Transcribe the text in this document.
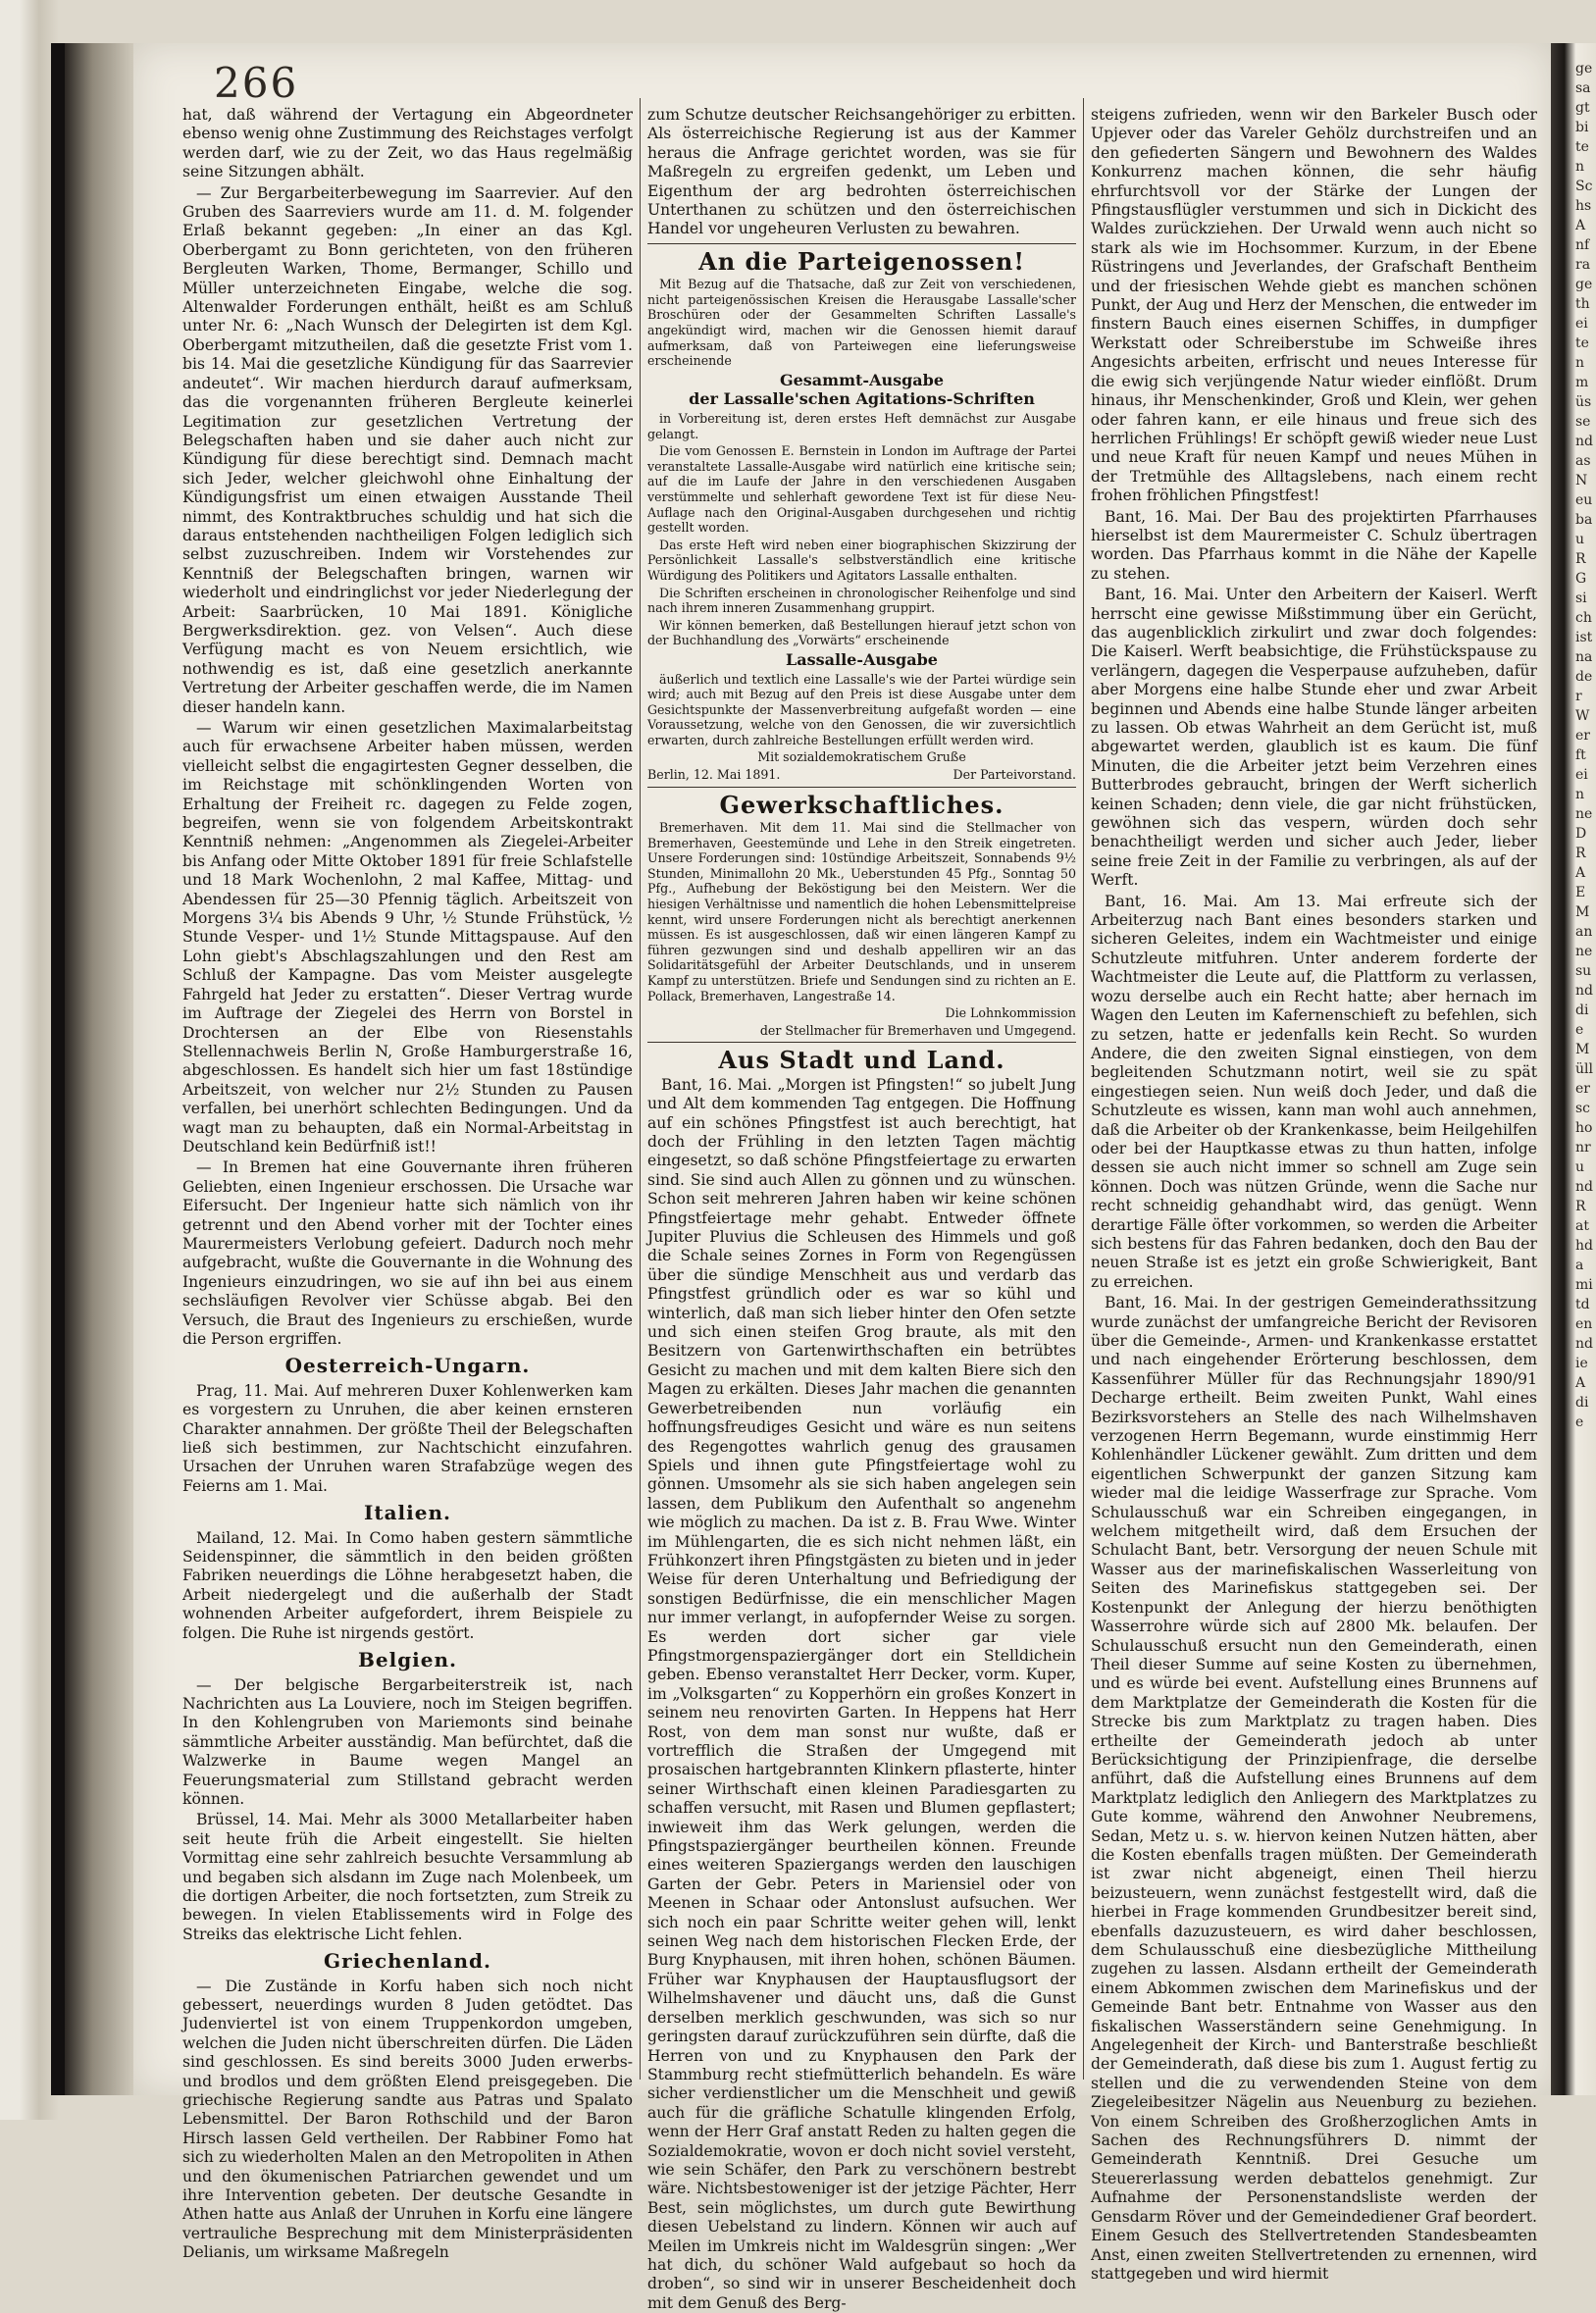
gesagtbitenSchsAnfragetheitenmüssendasNeubauRGsichistnaderWerfteinneDRAEMannesunddieMüllerschonrundRathdamitdenndieAdie
266

hat, daß während der Vertagung ein Abgeordneter ebenso wenig ohne Zustimmung des Reichstages verfolgt werden darf, wie zu der Zeit, wo das Haus regelmäßig seine Sitzungen abhält.

— Zur Bergarbeiterbewegung im Saarrevier. Auf den Gruben des Saarreviers wurde am 11. d. M. folgender Erlaß bekannt gegeben: „In einer an das Kgl. Oberbergamt zu Bonn gerichteten, von den früheren Bergleuten Warken, Thome, Bermanger, Schillo und Müller unterzeichneten Eingabe, welche die sog. Altenwalder Forderungen enthält, heißt es am Schluß unter Nr. 6: „Nach Wunsch der Delegirten ist dem Kgl. Oberbergamt mitzutheilen, daß die gesetzte Frist vom 1. bis 14. Mai die gesetzliche Kündigung für das Saarrevier andeutet“. Wir machen hierdurch darauf aufmerksam, das die vorgenannten früheren Bergleute keinerlei Legitimation zur gesetzlichen Vertretung der Belegschaften haben und sie daher auch nicht zur Kündigung für diese berechtigt sind. Demnach macht sich Jeder, welcher gleichwohl ohne Einhaltung der Kündigungsfrist um einen etwaigen Ausstande Theil nimmt, des Kontraktbruches schuldig und hat sich die daraus entstehenden nachtheiligen Folgen lediglich sich selbst zuzuschreiben. Indem wir Vorstehendes zur Kenntniß der Belegschaften bringen, warnen wir wiederholt und eindringlichst vor jeder Niederlegung der Arbeit: Saarbrücken, 10 Mai 1891. Königliche Bergwerksdirektion. gez. von Velsen“. Auch diese Verfügung macht es von Neuem ersichtlich, wie nothwendig es ist, daß eine gesetzlich anerkannte Vertretung der Arbeiter geschaffen werde, die im Namen dieser handeln kann.

— Warum wir einen gesetzlichen Maximalarbeitstag auch für erwachsene Arbeiter haben müssen, werden vielleicht selbst die engagirtesten Gegner desselben, die im Reichstage mit schönklingenden Worten von Erhaltung der Freiheit rc. dagegen zu Felde zogen, begreifen, wenn sie von folgendem Arbeitskontrakt Kenntniß nehmen: „Angenommen als Ziegelei-Arbeiter bis Anfang oder Mitte Oktober 1891 für freie Schlafstelle und 18 Mark Wochenlohn, 2 mal Kaffee, Mittag- und Abendessen für 25—30 Pfennig täglich. Arbeitszeit von Morgens 3¼ bis Abends 9 Uhr, ½ Stunde Frühstück, ½ Stunde Vesper- und 1½ Stunde Mittagspause. Auf den Lohn giebt's Abschlagszahlungen und den Rest am Schluß der Kampagne. Das vom Meister ausgelegte Fahrgeld hat Jeder zu erstatten“. Dieser Vertrag wurde im Auftrage der Ziegelei des Herrn von Borstel in Drochtersen an der Elbe von Riesenstahls Stellennachweis Berlin N, Große Hamburgerstraße 16, abgeschlossen. Es handelt sich hier um fast 18stündige Arbeitszeit, von welcher nur 2½ Stunden zu Pausen verfallen, bei unerhört schlechten Bedingungen. Und da wagt man zu behaupten, daß ein Normal-Arbeitstag in Deutschland kein Bedürfniß ist!!

— In Bremen hat eine Gouvernante ihren früheren Geliebten, einen Ingenieur erschossen. Die Ursache war Eifersucht. Der Ingenieur hatte sich nämlich von ihr getrennt und den Abend vorher mit der Tochter eines Maurermeisters Verlobung gefeiert. Dadurch noch mehr aufgebracht, wußte die Gouvernante in die Wohnung des Ingenieurs einzudringen, wo sie auf ihn bei aus einem sechsläufigen Revolver vier Schüsse abgab. Bei den Versuch, die Braut des Ingenieurs zu erschießen, wurde die Person ergriffen.

Oesterreich-Ungarn.

Prag, 11. Mai. Auf mehreren Duxer Kohlenwerken kam es vorgestern zu Unruhen, die aber keinen ernsteren Charakter annahmen. Der größte Theil der Belegschaften ließ sich bestimmen, zur Nachtschicht einzufahren. Ursachen der Unruhen waren Strafabzüge wegen des Feierns am 1. Mai.

Italien.

Mailand, 12. Mai. In Como haben gestern sämmtliche Seidenspinner, die sämmtlich in den beiden größten Fabriken neuerdings die Löhne herabgesetzt haben, die Arbeit niedergelegt und die außerhalb der Stadt wohnenden Arbeiter aufgefordert, ihrem Beispiele zu folgen. Die Ruhe ist nirgends gestört.

Belgien.

— Der belgische Bergarbeiterstreik ist, nach Nachrichten aus La Louviere, noch im Steigen begriffen. In den Kohlengruben von Mariemonts sind beinahe sämmtliche Arbeiter ausständig. Man befürchtet, daß die Walzwerke in Baume wegen Mangel an Feuerungsmaterial zum Stillstand gebracht werden können.

Brüssel, 14. Mai. Mehr als 3000 Metallarbeiter haben seit heute früh die Arbeit eingestellt. Sie hielten Vormittag eine sehr zahlreich besuchte Versammlung ab und begaben sich alsdann im Zuge nach Molenbeek, um die dortigen Arbeiter, die noch fortsetzten, zum Streik zu bewegen. In vielen Etablissements wird in Folge des Streiks das elektrische Licht fehlen.

Griechenland.

— Die Zustände in Korfu haben sich noch nicht gebessert, neuerdings wurden 8 Juden getödtet. Das Judenviertel ist von einem Truppenkordon umgeben, welchen die Juden nicht überschreiten dürfen. Die Läden sind geschlossen. Es sind bereits 3000 Juden erwerbs- und brodlos und dem größten Elend preisgegeben. Die griechische Regierung sandte aus Patras und Spalato Lebensmittel. Der Baron Rothschild und der Baron Hirsch lassen Geld vertheilen. Der Rabbiner Fomo hat sich zu wiederholten Malen an den Metropoliten in Athen und den ökumenischen Patriarchen gewendet und um ihre Intervention gebeten. Der deutsche Gesandte in Athen hatte aus Anlaß der Unruhen in Korfu eine längere vertrauliche Besprechung mit dem Ministerpräsidenten Delianis, um wirksame Maßregeln

zum Schutze deutscher Reichsangehöriger zu erbitten. Als österreichische Regierung ist aus der Kammer heraus die Anfrage gerichtet worden, was sie für Maßregeln zu ergreifen gedenkt, um Leben und Eigenthum der arg bedrohten österreichischen Unterthanen zu schützen und den österreichischen Handel vor ungeheuren Verlusten zu bewahren.

An die Parteigenossen!

Mit Bezug auf die Thatsache, daß zur Zeit von verschiedenen, nicht parteigenössischen Kreisen die Herausgabe Lassalle'scher Broschüren oder der Gesammelten Schriften Lassalle's angekündigt wird, machen wir die Genossen hiemit darauf aufmerksam, daß von Parteiwegen eine lieferungsweise erscheinende

Gesammt-Ausgabe
der Lassalle'schen Agitations-Schriften

in Vorbereitung ist, deren erstes Heft demnächst zur Ausgabe gelangt.

Die vom Genossen E. Bernstein in London im Auftrage der Partei veranstaltete Lassalle-Ausgabe wird natürlich eine kritische sein; auf die im Laufe der Jahre in den verschiedenen Ausgaben verstümmelte und sehlerhaft gewordene Text ist für diese Neu-Auflage nach den Original-Ausgaben durchgesehen und richtig gestellt worden.

Das erste Heft wird neben einer biographischen Skizzirung der Persönlichkeit Lassalle's selbstverständlich eine kritische Würdigung des Politikers und Agitators Lassalle enthalten.

Die Schriften erscheinen in chronologischer Reihenfolge und sind nach ihrem inneren Zusammenhang gruppirt.

Wir können bemerken, daß Bestellungen hierauf jetzt schon von der Buchhandlung des „Vorwärts“ erscheinende

Lassalle-Ausgabe

äußerlich und textlich eine Lassalle's wie der Partei würdige sein wird; auch mit Bezug auf den Preis ist diese Ausgabe unter dem Gesichtspunkte der Massenverbreitung aufgefaßt worden — eine Voraussetzung, welche von den Genossen, die wir zuversichtlich erwarten, durch zahlreiche Bestellungen erfüllt werden wird.

Mit sozialdemokratischem Gruße

Berlin, 12. Mai 1891.	Der Parteivorstand.
Gewerkschaftliches.

Bremerhaven. Mit dem 11. Mai sind die Stellmacher von Bremerhaven, Geestemünde und Lehe in den Streik eingetreten. Unsere Forderungen sind: 10stündige Arbeitszeit, Sonnabends 9½ Stunden, Minimallohn 20 Mk., Ueberstunden 45 Pfg., Sonntag 50 Pfg., Aufhebung der Beköstigung bei den Meistern. Wer die hiesigen Verhältnisse und namentlich die hohen Lebensmittelpreise kennt, wird unsere Forderungen nicht als berechtigt anerkennen müssen. Es ist ausgeschlossen, daß wir einen längeren Kampf zu führen gezwungen sind und deshalb appelliren wir an das Solidaritätsgefühl der Arbeiter Deutschlands, und in unserem Kampf zu unterstützen. Briefe und Sendungen sind zu richten an E. Pollack, Bremerhaven, Langestraße 14.

Die Lohnkommission

der Stellmacher für Bremerhaven und Umgegend.

Aus Stadt und Land.

Bant, 16. Mai. „Morgen ist Pfingsten!“ so jubelt Jung und Alt dem kommenden Tag entgegen. Die Hoffnung auf ein schönes Pfingstfest ist auch berechtigt, hat doch der Frühling in den letzten Tagen mächtig eingesetzt, so daß schöne Pfingstfeiertage zu erwarten sind. Sie sind auch Allen zu gönnen und zu wünschen. Schon seit mehreren Jahren haben wir keine schönen Pfingstfeiertage mehr gehabt. Entweder öffnete Jupiter Pluvius die Schleusen des Himmels und goß die Schale seines Zornes in Form von Regengüssen über die sündige Menschheit aus und verdarb das Pfingstfest gründlich oder es war so kühl und winterlich, daß man sich lieber hinter den Ofen setzte und sich einen steifen Grog braute, als mit den Besitzern von Gartenwirthschaften ein betrübtes Gesicht zu machen und mit dem kalten Biere sich den Magen zu erkälten. Dieses Jahr machen die genannten Gewerbetreibenden nun vorläufig ein hoffnungsfreudiges Gesicht und wäre es nun seitens des Regengottes wahrlich genug des grausamen Spiels und ihnen gute Pfingstfeiertage wohl zu gönnen. Umsomehr als sie sich haben angelegen sein lassen, dem Publikum den Aufenthalt so angenehm wie möglich zu machen. Da ist z. B. Frau Wwe. Winter im Mühlengarten, die es sich nicht nehmen läßt, ein Frühkonzert ihren Pfingstgästen zu bieten und in jeder Weise für deren Unterhaltung und Befriedigung der sonstigen Bedürfnisse, die ein menschlicher Magen nur immer verlangt, in aufopfernder Weise zu sorgen. Es werden dort sicher gar viele Pfingstmorgenspaziergänger dort ein Stelldichein geben. Ebenso veranstaltet Herr Decker, vorm. Kuper, im „Volksgarten“ zu Kopperhörn ein großes Konzert in seinem neu renovirten Garten. In Heppens hat Herr Rost, von dem man sonst nur wußte, daß er vortrefflich die Straßen der Umgegend mit prosaischen hartgebrannten Klinkern pflasterte, hinter seiner Wirthschaft einen kleinen Paradiesgarten zu schaffen versucht, mit Rasen und Blumen gepflastert; inwieweit ihm das Werk gelungen, werden die Pfingstspaziergänger beurtheilen können. Freunde eines weiteren Spaziergangs werden den lauschigen Garten der Gebr. Peters in Mariensiel oder von Meenen in Schaar oder Antonslust aufsuchen. Wer sich noch ein paar Schritte weiter gehen will, lenkt seinen Weg nach dem historischen Flecken Erde, der Burg Knyphausen, mit ihren hohen, schönen Bäumen. Früher war Knyphausen der Hauptausflugsort der Wilhelmshavener und däucht uns, daß die Gunst derselben merklich geschwunden, was sich so nur geringsten darauf zurückzuführen sein dürfte, daß die Herren von und zu Knyphausen den Park der Stammburg recht stiefmütterlich behandeln. Es wäre sicher verdienstlicher um die Menschheit und gewiß auch für die gräfliche Schatulle klingenden Erfolg, wenn der Herr Graf anstatt Reden zu halten gegen die Sozialdemokratie, wovon er doch nicht soviel versteht, wie sein Schäfer, den Park zu verschönern bestrebt wäre. Nichtsbestoweniger ist der jetzige Pächter, Herr Best, sein möglichstes, um durch gute Bewirthung diesen Uebelstand zu lindern. Können wir auch auf Meilen im Umkreis nicht im Waldesgrün singen: „Wer hat dich, du schöner Wald aufgebaut so hoch da droben“, so sind wir in unserer Bescheidenheit doch mit dem Genuß des Berg-

steigens zufrieden, wenn wir den Barkeler Busch oder Upjever oder das Vareler Gehölz durchstreifen und an den gefiederten Sängern und Bewohnern des Waldes Konkurrenz machen können, die sehr häufig ehrfurchtsvoll vor der Stärke der Lungen der Pfingstausflügler verstummen und sich in Dickicht des Waldes zurückziehen. Der Urwald wenn auch nicht so stark als wie im Hochsommer. Kurzum, in der Ebene Rüstringens und Jeverlandes, der Grafschaft Bentheim und der friesischen Wehde giebt es manchen schönen Punkt, der Aug und Herz der Menschen, die entweder im finstern Bauch eines eisernen Schiffes, in dumpfiger Werkstatt oder Schreiberstube im Schweiße ihres Angesichts arbeiten, erfrischt und neues Interesse für die ewig sich verjüngende Natur wieder einflößt. Drum hinaus, ihr Menschenkinder, Groß und Klein, wer gehen oder fahren kann, er eile hinaus und freue sich des herrlichen Frühlings! Er schöpft gewiß wieder neue Lust und neue Kraft für neuen Kampf und neues Mühen in der Tretmühle des Alltagslebens, nach einem recht frohen fröhlichen Pfingstfest!

Bant, 16. Mai. Der Bau des projektirten Pfarrhauses hierselbst ist dem Maurermeister C. Schulz übertragen worden. Das Pfarrhaus kommt in die Nähe der Kapelle zu stehen.

Bant, 16. Mai. Unter den Arbeitern der Kaiserl. Werft herrscht eine gewisse Mißstimmung über ein Gerücht, das augenblicklich zirkulirt und zwar doch folgendes: Die Kaiserl. Werft beabsichtige, die Frühstückspause zu verlängern, dagegen die Vesperpause aufzuheben, dafür aber Morgens eine halbe Stunde eher und zwar Arbeit beginnen und Abends eine halbe Stunde länger arbeiten zu lassen. Ob etwas Wahrheit an dem Gerücht ist, muß abgewartet werden, glaublich ist es kaum. Die fünf Minuten, die die Arbeiter jetzt beim Verzehren eines Butterbrodes gebraucht, bringen der Werft sicherlich keinen Schaden; denn viele, die gar nicht frühstücken, gewöhnen sich das vespern, würden doch sehr benachtheiligt werden und sicher auch Jeder, lieber seine freie Zeit in der Familie zu verbringen, als auf der Werft.

Bant, 16. Mai. Am 13. Mai erfreute sich der Arbeiterzug nach Bant eines besonders starken und sicheren Geleites, indem ein Wachtmeister und einige Schutzleute mitfuhren. Unter anderem forderte der Wachtmeister die Leute auf, die Plattform zu verlassen, wozu derselbe auch ein Recht hatte; aber hernach im Wagen den Leuten im Kafernenschieft zu befehlen, sich zu setzen, hatte er jedenfalls kein Recht. So wurden Andere, die den zweiten Signal einstiegen, von dem begleitenden Schutzmann notirt, weil sie zu spät eingestiegen seien. Nun weiß doch Jeder, und daß die Schutzleute es wissen, kann man wohl auch annehmen, daß die Arbeiter ob der Krankenkasse, beim Heilgehilfen oder bei der Hauptkasse etwas zu thun hatten, infolge dessen sie auch nicht immer so schnell am Zuge sein können. Doch was nützen Gründe, wenn die Sache nur recht schneidig gehandhabt wird, das genügt. Wenn derartige Fälle öfter vorkommen, so werden die Arbeiter sich bestens für das Fahren bedanken, doch den Bau der neuen Straße ist es jetzt ein große Schwierigkeit, Bant zu erreichen.

Bant, 16. Mai. In der gestrigen Gemeinderathssitzung wurde zunächst der umfangreiche Bericht der Revisoren über die Gemeinde-, Armen- und Krankenkasse erstattet und nach eingehender Erörterung beschlossen, dem Kassenführer Müller für das Rechnungsjahr 1890/91 Decharge ertheilt. Beim zweiten Punkt, Wahl eines Bezirksvorstehers an Stelle des nach Wilhelmshaven verzogenen Herrn Begemann, wurde einstimmig Herr Kohlenhändler Lückener gewählt. Zum dritten und dem eigentlichen Schwerpunkt der ganzen Sitzung kam wieder mal die leidige Wasserfrage zur Sprache. Vom Schulausschuß war ein Schreiben eingegangen, in welchem mitgetheilt wird, daß dem Ersuchen der Schulacht Bant, betr. Versorgung der neuen Schule mit Wasser aus der marinefiskalischen Wasserleitung von Seiten des Marinefiskus stattgegeben sei. Der Kostenpunkt der Anlegung der hierzu benöthigten Wasserrohre würde sich auf 2800 Mk. belaufen. Der Schulausschuß ersucht nun den Gemeinderath, einen Theil dieser Summe auf seine Kosten zu übernehmen, und es würde bei event. Aufstellung eines Brunnens auf dem Marktplatze der Gemeinderath die Kosten für die Strecke bis zum Marktplatz zu tragen haben. Dies ertheilte der Gemeinderath jedoch ab unter Berücksichtigung der Prinzipienfrage, die derselbe anführt, daß die Aufstellung eines Brunnens auf dem Marktplatz lediglich den Anliegern des Marktplatzes zu Gute komme, während den Anwohner Neubremens, Sedan, Metz u. s. w. hiervon keinen Nutzen hätten, aber die Kosten ebenfalls tragen müßten. Der Gemeinderath ist zwar nicht abgeneigt, einen Theil hierzu beizusteuern, wenn zunächst festgestellt wird, daß die hierbei in Frage kommenden Grundbesitzer bereit sind, ebenfalls dazuzusteuern, es wird daher beschlossen, dem Schulausschuß eine diesbezügliche Mittheilung zugehen zu lassen. Alsdann ertheilt der Gemeinderath einem Abkommen zwischen dem Marinefiskus und der Gemeinde Bant betr. Entnahme von Wasser aus den fiskalischen Wasserständern seine Genehmigung. In Angelegenheit der Kirch- und Banterstraße beschließt der Gemeinderath, daß diese bis zum 1. August fertig zu stellen und die zu verwendenden Steine von dem Ziegeleibesitzer Nägelin aus Neuenburg zu beziehen. Von einem Schreiben des Großherzoglichen Amts in Sachen des Rechnungsführers D. nimmt der Gemeinderath Kenntniß. Drei Gesuche um Steuererlassung werden debattelos genehmigt. Zur Aufnahme der Personenstandsliste werden der Gensdarm Röver und der Gemeindediener Graf beordert. Einem Gesuch des Stellvertretenden Standesbeamten Anst, einen zweiten Stellvertretenden zu ernennen, wird stattgegeben und wird hiermit
